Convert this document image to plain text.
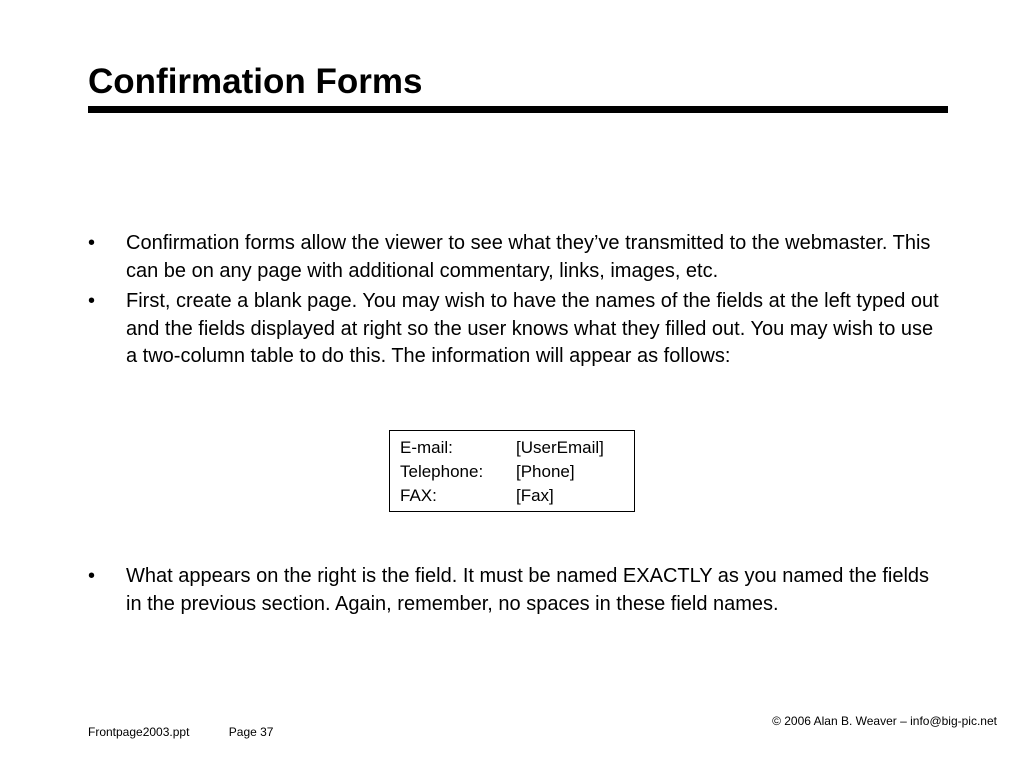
Confirmation Forms
• Confirmation forms allow the viewer to see what they’ve transmitted to the webmaster. This can be on any page with additional commentary, links, images, etc.
• First, create a blank page. You may wish to have the names of the fields at the left typed out and the fields displayed at right so the user knows what they filled out. You may wish to use a two-column table to do this. The information will appear as follows:
E-mail:	[UserEmail]
Telephone:	[Phone]
FAX:	[Fax]
• What appears on the right is the field. It must be named EXACTLY as you named the fields in the previous section. Again, remember, no spaces in these field names.
Frontpage2003.ppt	Page 37
© 2006 Alan B. Weaver – info@big-pic.net
